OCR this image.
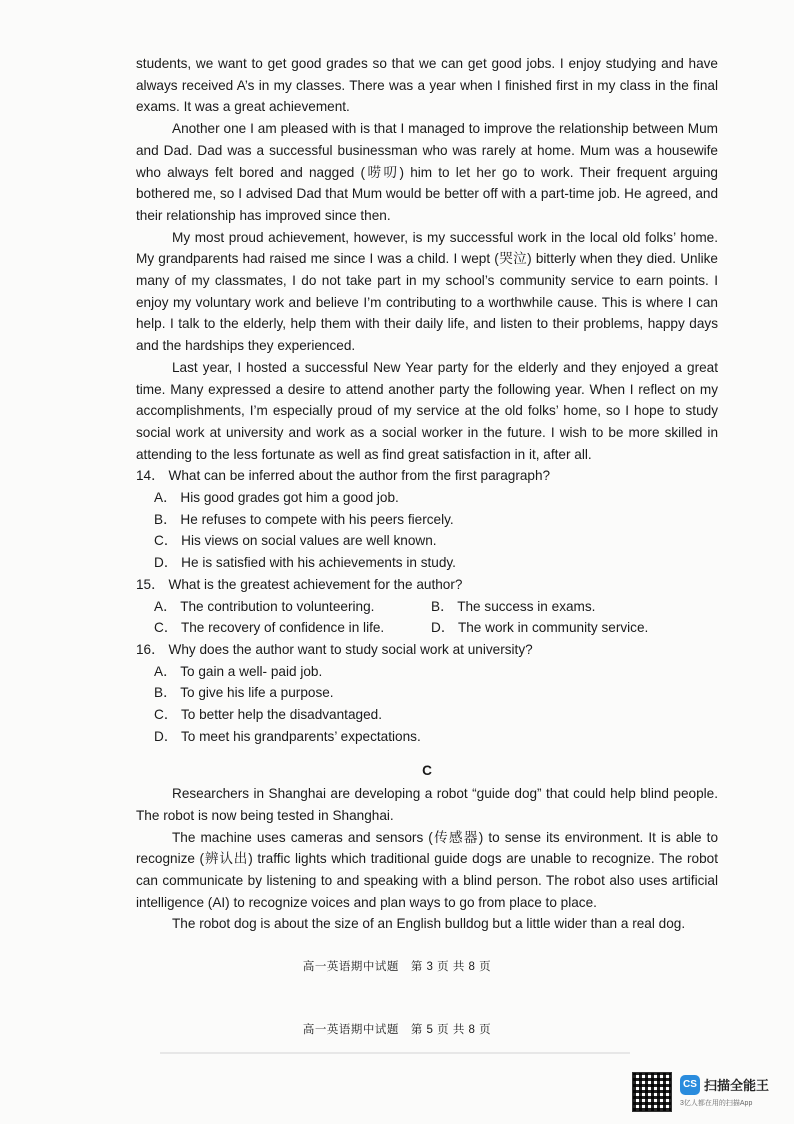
students, we want to get good grades so that we can get good jobs. I enjoy studying and have always received A’s in my classes. There was a year when I finished first in my class in the final exams. It was a great achievement.

Another one I am pleased with is that I managed to improve the relationship between Mum and Dad. Dad was a successful businessman who was rarely at home. Mum was a housewife who always felt bored and nagged (唠叨) him to let her go to work. Their frequent arguing bothered me, so I advised Dad that Mum would be better off with a part-time job. He agreed, and their relationship has improved since then.

My most proud achievement, however, is my successful work in the local old folks’ home. My grandparents had raised me since I was a child. I wept (哭泣) bitterly when they died. Unlike many of my classmates, I do not take part in my school’s community service to earn points. I enjoy my voluntary work and believe I’m contributing to a worthwhile cause. This is where I can help. I talk to the elderly, help them with their daily life, and listen to their problems, happy days and the hardships they experienced.

Last year, I hosted a successful New Year party for the elderly and they enjoyed a great time. Many expressed a desire to attend another party the following year. When I reflect on my accomplishments, I’m especially proud of my service at the old folks’ home, so I hope to study social work at university and work as a social worker in the future. I wish to be more skilled in attending to the less fortunate as well as find great satisfaction in it, after all.

14． What can be inferred about the author from the first paragraph?

A． His good grades got him a good job.

B． He refuses to compete with his peers fiercely.

C． His views on social values are well known.

D． He is satisfied with his achievements in study.

15． What is the greatest achievement for the author?

A． The contribution to volunteering.	B． The success in exams.
C． The recovery of confidence in life.	D． The work in community service.

16． Why does the author want to study social work at university?

A． To gain a well- paid job.

B． To give his life a purpose.

C． To better help the disadvantaged.

D． To meet his grandparents’ expectations.

C

Researchers in Shanghai are developing a robot “guide dog” that could help blind people. The robot is now being tested in Shanghai.

The machine uses cameras and sensors (传感器) to sense its environment. It is able to recognize (辨认出) traffic lights which traditional guide dogs are unable to recognize. The robot can communicate by listening to and speaking with a blind person. The robot also uses artificial intelligence (AI) to recognize voices and plan ways to go from place to place.

The robot dog is about the size of an English bulldog but a little wider than a real dog.

高一英语期中试题　第 3 页 共 8 页
高一英语期中试题　第 5 页 共 8 页
CS 扫描全能王
3亿人都在用的扫描App
